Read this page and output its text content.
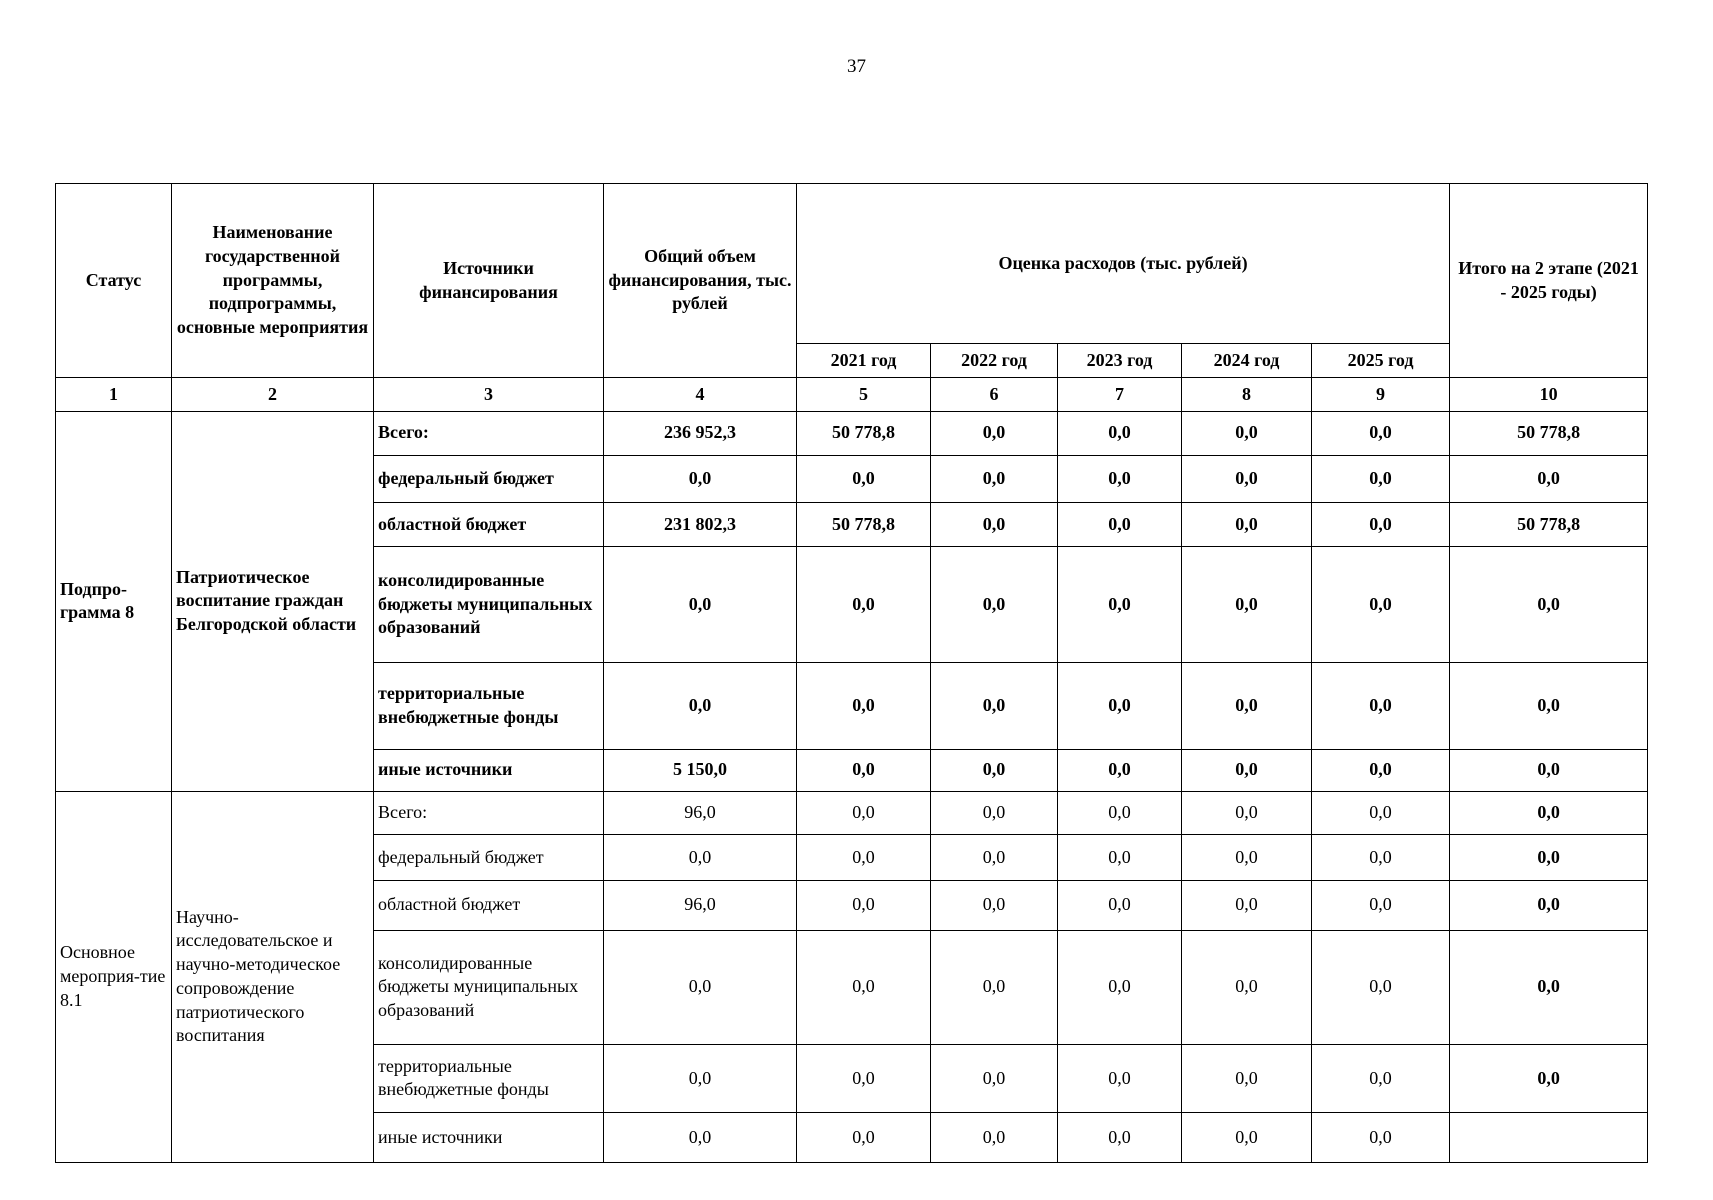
37
Статус	Наименование государственной программы, подпрограммы, основные мероприятия	Источники финансирования	Общий объем финансирования, тыс. рублей	Оценка расходов (тыс. рублей)					Итого на 2 этапе (2021 - 2025 годы)
				2021 год	2022 год	2023 год	2024 год	2025 год	
1	2	3	4	5	6	7	8	9	10
Подпро-грамма 8	Патриотическое воспитание граждан Белгородской области	Всего:	236 952,3	50 778,8	0,0	0,0	0,0	0,0	50 778,8
		федеральный бюджет	0,0	0,0	0,0	0,0	0,0	0,0	0,0
		областной бюджет	231 802,3	50 778,8	0,0	0,0	0,0	0,0	50 778,8
		консолидированные бюджеты муниципальных образований	0,0	0,0	0,0	0,0	0,0	0,0	0,0
		территориальные внебюджетные фонды	0,0	0,0	0,0	0,0	0,0	0,0	0,0
		иные источники	5 150,0	0,0	0,0	0,0	0,0	0,0	0,0
Основное мероприя-тие 8.1	Научно-исследовательское и научно-методическое сопровождение патриотического воспитания	Всего:	96,0	0,0	0,0	0,0	0,0	0,0	0,0
		федеральный бюджет	0,0	0,0	0,0	0,0	0,0	0,0	0,0
		областной бюджет	96,0	0,0	0,0	0,0	0,0	0,0	0,0
		консолидированные бюджеты муниципальных образований	0,0	0,0	0,0	0,0	0,0	0,0	0,0
		территориальные внебюджетные фонды	0,0	0,0	0,0	0,0	0,0	0,0	0,0
		иные источники	0,0	0,0	0,0	0,0	0,0	0,0	
